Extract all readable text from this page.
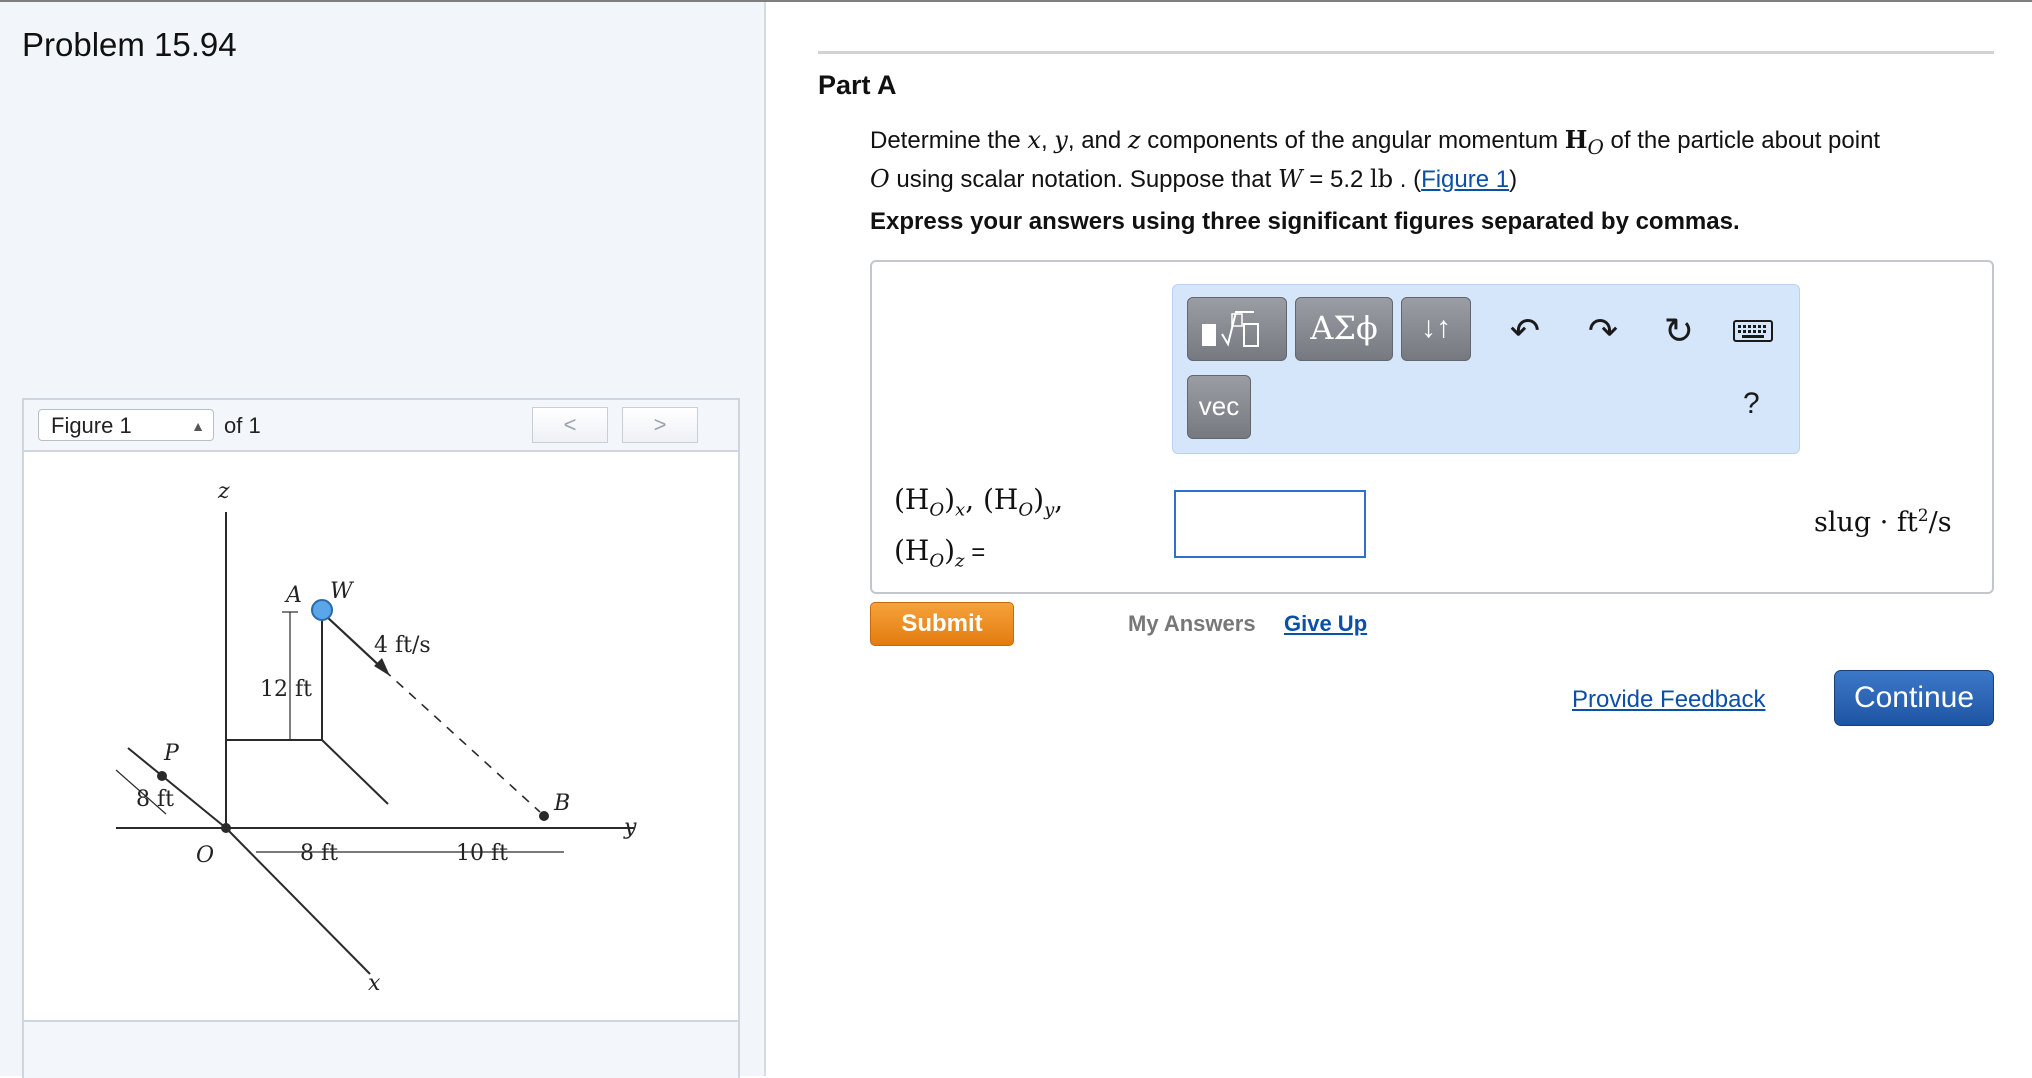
Problem 15.94
Figure 1	▲ of 1	<	>
z
A W
4 ft/s
12 ft
P
8 ft	B
y
O	8 ft	10 ft
x
Part A
Determine the x, y, and z components of the angular momentum $H_O$ of the particle about point
O using scalar notation. Suppose that W = 5.2 lb . (Figure 1)
Express your answers using three significant figures separated by commas.
ΑΣϕ	↓↑
vec
↶ ↷ ↻
?
$(H_O)_x$, $(H_O)_y$,
$(H_O)_z$ =
slug · $ft^2/s$
Submit	My Answers Give Up
Provide Feedback	Continue
